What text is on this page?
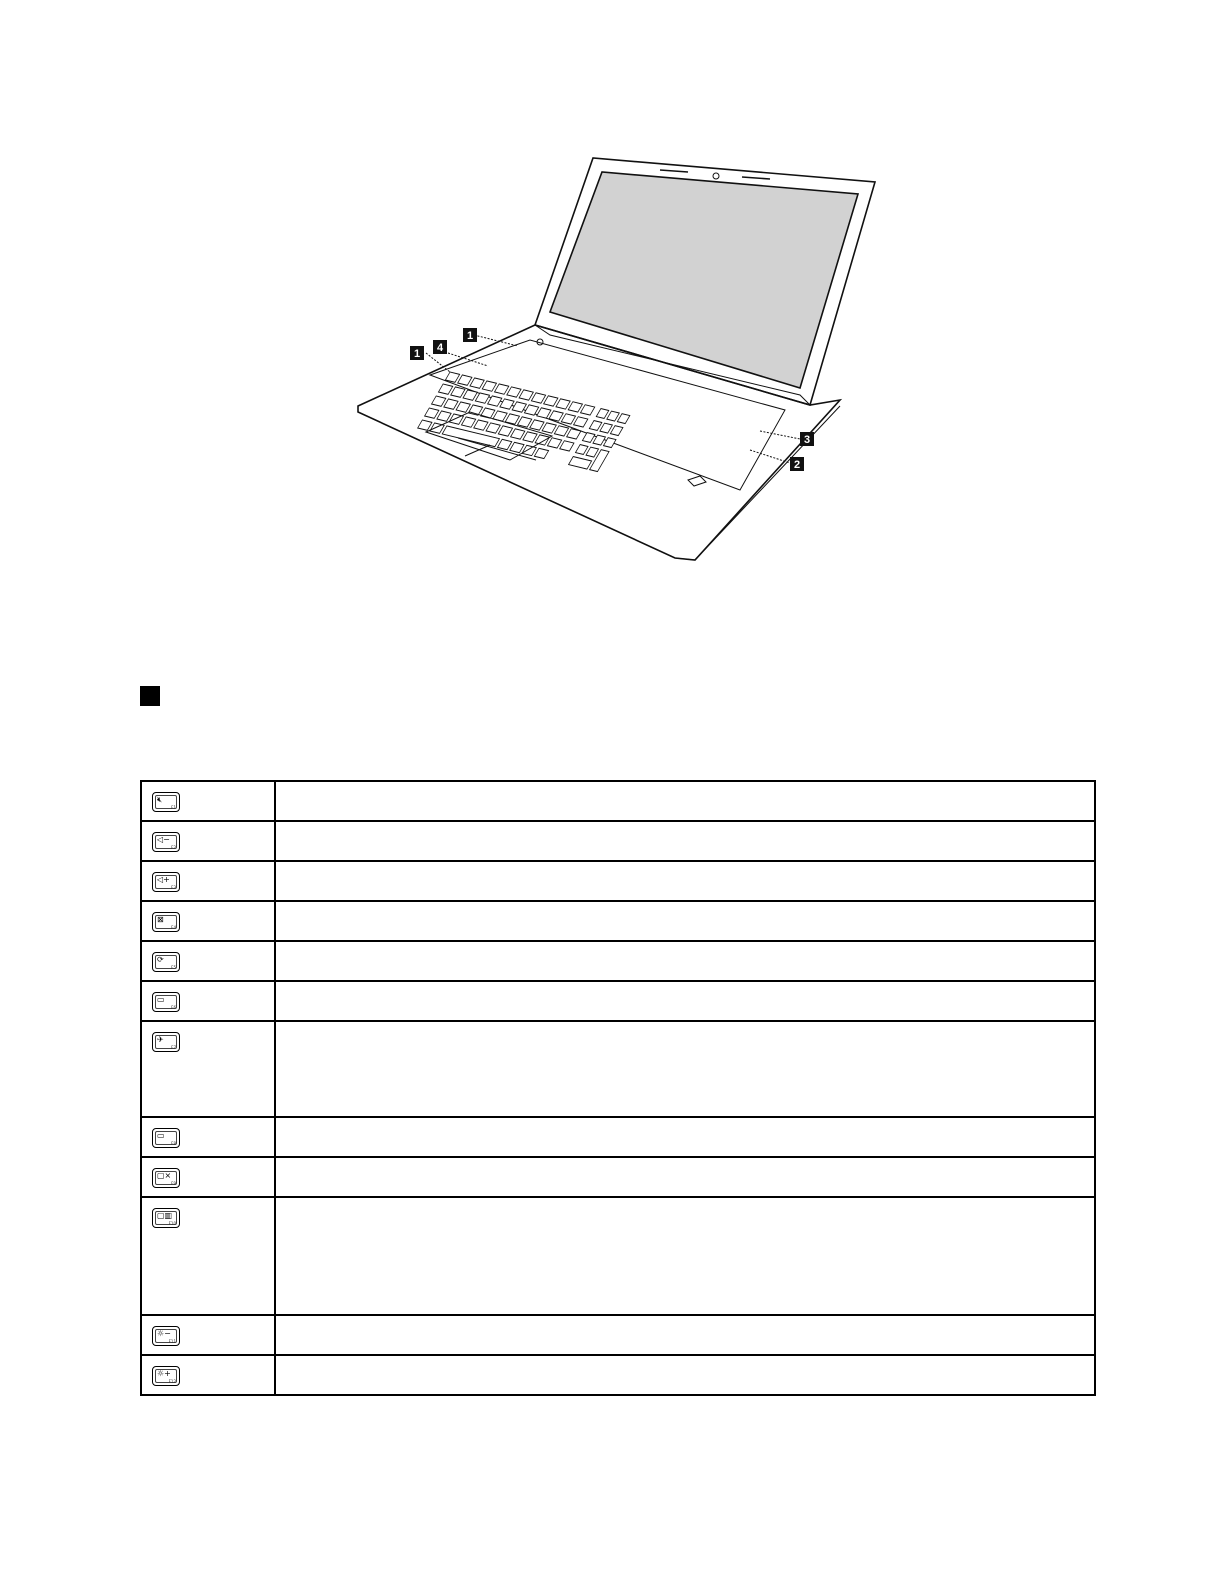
1
4
1
3
2
🔇︎
F1	

◁−
F2	

◁+
F3	

⊠
F4	

⟳
F5	

▭
F6	

✈
F7	

▭
F8	

▢×
F9	

▢▥
F10	

☼−
F11	

☼+
F12	
